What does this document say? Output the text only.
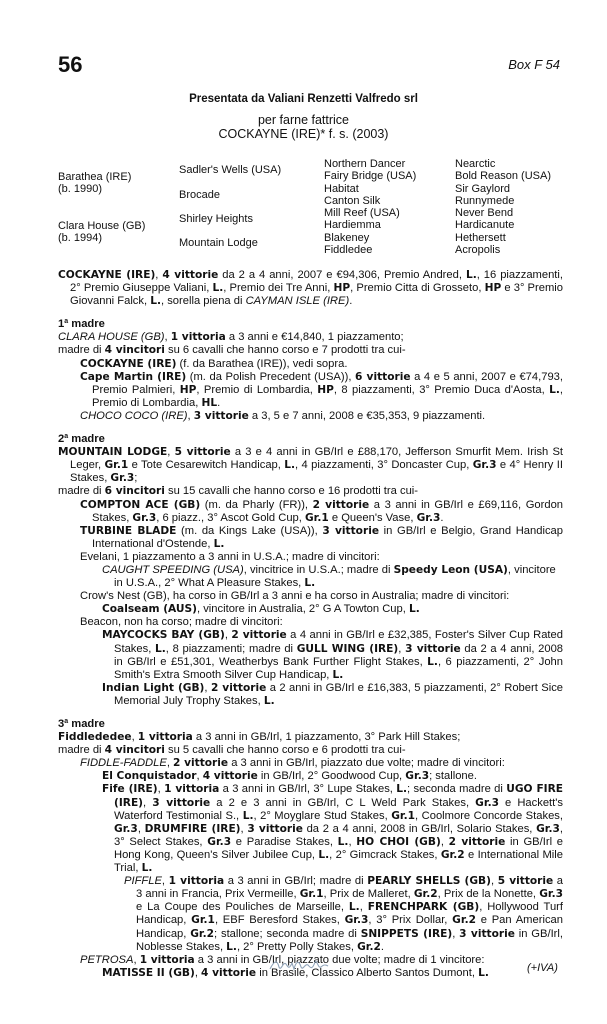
56	Box F 54
Presentata da Valiani Renzetti Valfredo srl
per farne fattrice
COCKAYNE (IRE)* f. s. (2003)
Barathea (IRE)
(b. 1990)
Clara House (GB)
(b. 1994)
Sadler's Wells (USA)
Brocade
Shirley Heights
Mountain Lodge
Northern Dancer
Fairy Bridge (USA)
Habitat
Canton Silk
Mill Reef (USA)
Hardiemma
Blakeney
Fiddledee
Nearctic
Bold Reason (USA)
Sir Gaylord
Runnymede
Never Bend
Hardicanute
Hethersett
Acropolis

COCKAYNE (IRE), 4 vittorie da 2 a 4 anni, 2007 e €94,306, Premio Andred, L., 16 piazzamenti, 2° Premio Giuseppe Valiani, L., Premio dei Tre Anni, HP, Premio Citta di Grosseto, HP e 3° Premio Giovanni Falck, L., sorella piena di CAYMAN ISLE (IRE).

1$^a$ madre

CLARA HOUSE (GB), 1 vittoria a 3 anni e €14,840, 1 piazzamento;

madre di 4 vincitori su 6 cavalli che hanno corso e 7 prodotti tra cui-

COCKAYNE (IRE) (f. da Barathea (IRE)), vedi sopra.

Cape Martin (IRE) (m. da Polish Precedent (USA)), 6 vittorie a 4 e 5 anni, 2007 e €74,793, Premio Palmieri, HP, Premio di Lombardia, HP, 8 piazzamenti, 3° Premio Duca d'Aosta, L., Premio di Lombardia, HL.

CHOCO COCO (IRE), 3 vittorie a 3, 5 e 7 anni, 2008 e €35,353, 9 piazzamenti.

2$^a$ madre

MOUNTAIN LODGE, 5 vittorie a 3 e 4 anni in GB/Irl e £88,170, Jefferson Smurfit Mem. Irish St Leger, Gr.1 e Tote Cesarewitch Handicap, L., 4 piazzamenti, 3° Doncaster Cup, Gr.3 e 4° Henry II Stakes, Gr.3;

madre di 6 vincitori su 15 cavalli che hanno corso e 16 prodotti tra cui-

COMPTON ACE (GB) (m. da Pharly (FR)), 2 vittorie a 3 anni in GB/Irl e £69,116, Gordon Stakes, Gr.3, 6 piazz., 3° Ascot Gold Cup, Gr.1 e Queen's Vase, Gr.3.

TURBINE BLADE (m. da Kings Lake (USA)), 3 vittorie in GB/Irl e Belgio, Grand Handicap International d'Ostende, L.

Evelani, 1 piazzamento a 3 anni in U.S.A.; madre di vincitori:

CAUGHT SPEEDING (USA), vincitrice in U.S.A.; madre di Speedy Leon (USA), vincitore in U.S.A., 2° What A Pleasure Stakes, L.

Crow's Nest (GB), ha corso in GB/Irl a 3 anni e ha corso in Australia; madre di vincitori:

Coalseam (AUS), vincitore in Australia, 2° G A Towton Cup, L.

Beacon, non ha corso; madre di vincitori:

MAYCOCKS BAY (GB), 2 vittorie a 4 anni in GB/Irl e £32,385, Foster's Silver Cup Rated Stakes, L., 8 piazzamenti; madre di GULL WING (IRE), 3 vittorie da 2 a 4 anni, 2008 in GB/Irl e £51,301, Weatherbys Bank Further Flight Stakes, L., 6 piazzamenti, 2° John Smith's Extra Smooth Silver Cup Handicap, L.

Indian Light (GB), 2 vittorie a 2 anni in GB/Irl e £16,383, 5 piazzamenti, 2° Robert Sice Memorial July Trophy Stakes, L.

3$^a$ madre

Fiddlededee, 1 vittoria a 3 anni in GB/Irl, 1 piazzamento, 3° Park Hill Stakes;

madre di 4 vincitori su 5 cavalli che hanno corso e 6 prodotti tra cui-

FIDDLE-FADDLE, 2 vittorie a 3 anni in GB/Irl, piazzato due volte; madre di vincitori:

El Conquistador, 4 vittorie in GB/Irl, 2° Goodwood Cup, Gr.3; stallone.

Fife (IRE), 1 vittoria a 3 anni in GB/Irl, 3° Lupe Stakes, L.; seconda madre di UGO FIRE (IRE), 3 vittorie a 2 e 3 anni in GB/Irl, C L Weld Park Stakes, Gr.3 e Hackett's Waterford Testimonial S., L., 2° Moyglare Stud Stakes, Gr.1, Coolmore Concorde Stakes, Gr.3, DRUMFIRE (IRE), 3 vittorie da 2 a 4 anni, 2008 in GB/Irl, Solario Stakes, Gr.3, 3° Select Stakes, Gr.3 e Paradise Stakes, L., HO CHOI (GB), 2 vittorie in GB/Irl e Hong Kong, Queen's Silver Jubilee Cup, L., 2° Gimcrack Stakes, Gr.2 e International Mile Trial, L.

PIFFLE, 1 vittoria a 3 anni in GB/Irl; madre di PEARLY SHELLS (GB), 5 vittorie a 3 anni in Francia, Prix Vermeille, Gr.1, Prix de Malleret, Gr.2, Prix de la Nonette, Gr.3 e La Coupe des Pouliches de Marseille, L., FRENCHPARK (GB), Hollywood Turf Handicap, Gr.1, EBF Beresford Stakes, Gr.3, 3° Prix Dollar, Gr.2 e Pan American Handicap, Gr.2; stallone; seconda madre di SNIPPETS (IRE), 3 vittorie in GB/Irl, Noblesse Stakes, L., 2° Pretty Polly Stakes, Gr.2.

PETROSA, 1 vittoria a 3 anni in GB/Irl, piazzato due volte; madre di 1 vincitore:

MATISSE II (GB), 4 vittorie in Brasile, Classico Alberto Santos Dumont, L.	(+IVA)
